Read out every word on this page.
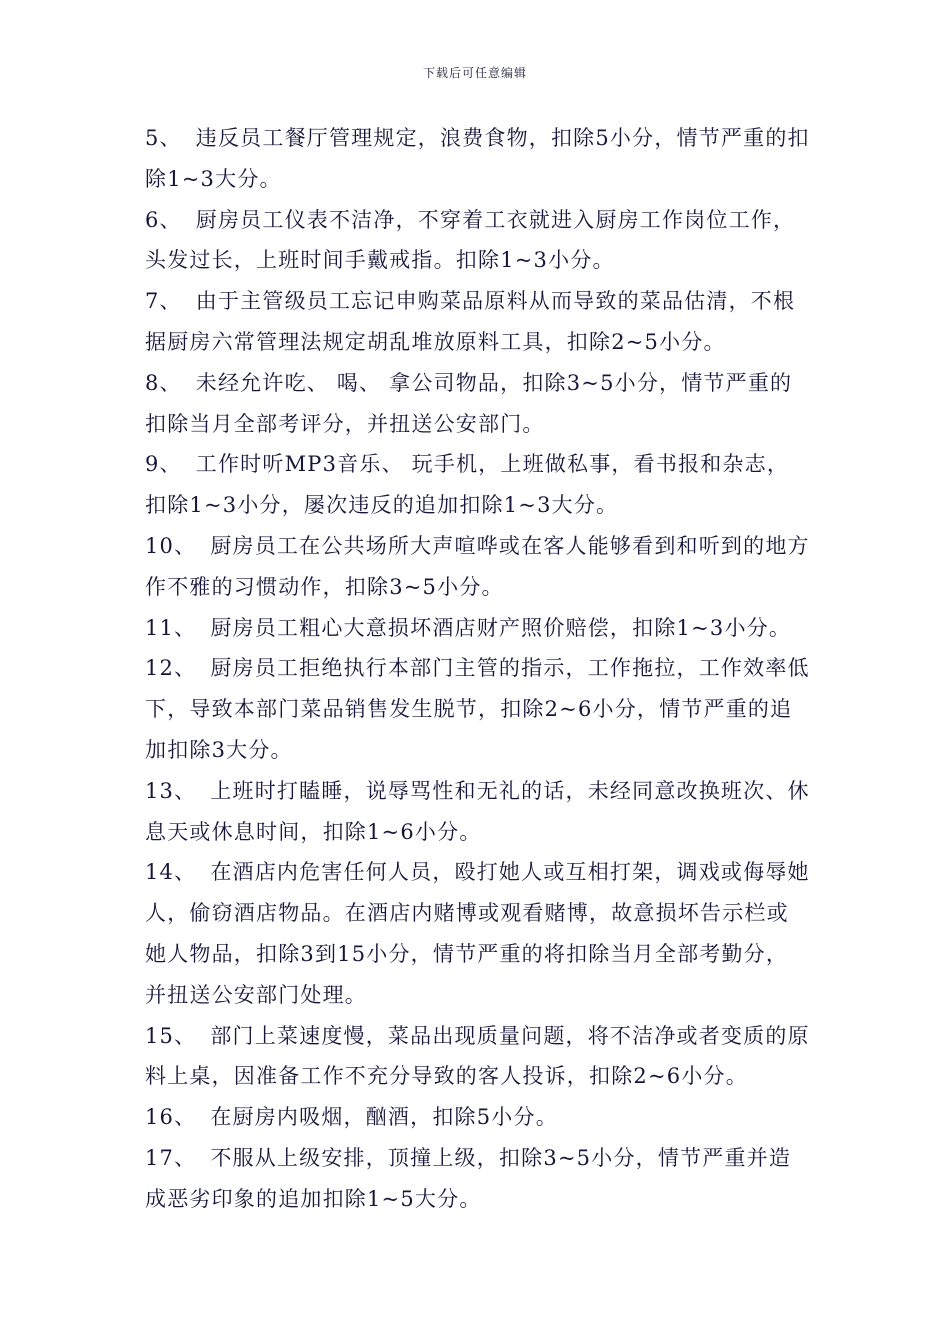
下载后可任意编辑

5、 违反员工餐厅管理规定，浪费食物，扣除5小分，情节严重的扣除1~3大分。

6、 厨房员工仪表不洁净，不穿着工衣就进入厨房工作岗位工作，头发过长，上班时间手戴戒指。扣除1~3小分。

7、 由于主管级员工忘记申购菜品原料从而导致的菜品估清，不根据厨房六常管理法规定胡乱堆放原料工具，扣除2~5小分。

8、 未经允许吃、 喝、 拿公司物品，扣除3~5小分，情节严重的扣除当月全部考评分，并扭送公安部门。

9、 工作时听MP3音乐、 玩手机，上班做私事，看书报和杂志，扣除1~3小分，屡次违反的追加扣除1~3大分。

10、 厨房员工在公共场所大声喧哗或在客人能够看到和听到的地方作不雅的习惯动作，扣除3~5小分。

11、 厨房员工粗心大意损坏酒店财产照价赔偿，扣除1~3小分。

12、 厨房员工拒绝执行本部门主管的指示，工作拖拉，工作效率低下，导致本部门菜品销售发生脱节，扣除2~6小分，情节严重的追加扣除3大分。

13、 上班时打瞌睡，说辱骂性和无礼的话，未经同意改换班次、休息天或休息时间，扣除1~6小分。

14、 在酒店内危害任何人员，殴打她人或互相打架，调戏或侮辱她人，偷窃酒店物品。在酒店内赌博或观看赌博，故意损坏告示栏或她人物品，扣除3到15小分，情节严重的将扣除当月全部考勤分，并扭送公安部门处理。

15、 部门上菜速度慢，菜品出现质量问题，将不洁净或者变质的原料上桌，因准备工作不充分导致的客人投诉，扣除2~6小分。

16、 在厨房内吸烟，酗酒，扣除5小分。

17、 不服从上级安排，顶撞上级，扣除3~5小分，情节严重并造成恶劣印象的追加扣除1~5大分。
